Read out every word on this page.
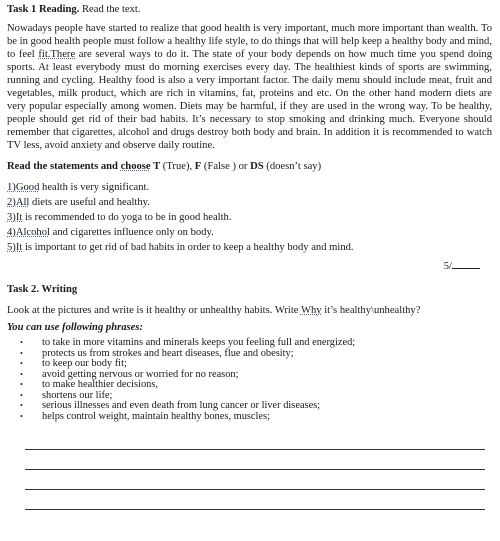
Task 1 Reading. Read the text.

Nowadays people have started to realize that good health is very important, much more important than wealth. To be in good health people must follow a healthy life style, to do things that will help keep a healthy body and mind, to feel fit.There are several ways to do it. The state of your body depends on how much time you spend doing sports. At least everybody must do morning exercises every day. The healthiest kinds of sports are swimming, running and cycling. Healthy food is also a very important factor. The daily menu should include meat, fruit and vegetables, milk product, which are rich in vitamins, fat, proteins and etc. On the other hand modern diets are very popular especially among women. Diets may be harmful, if they are used in the wrong way. To be healthy, people should get rid of their bad habits. It’s necessary to stop smoking and drinking much. Everyone should remember that cigarettes, alcohol and drugs destroy both body and brain. In addition it is recommended to watch TV less, avoid anxiety and observe daily routine.

Read the statements and choose T (True), F (False ) or DS (doesn’t say)
1)Good health is very significant.
2)All diets are useful and healthy.
3)It is recommended to do yoga to be in good health.
4)Alcohol and cigarettes influence only on body.
5)It is important to get rid of bad habits in order to keep a healthy body and mind.
5/
Task 2. Writing
Look at the pictures and write is it healthy or unhealthy habits. Write Why it’s healthy\unhealthy?
You can use following phrases:
• to take in more vitamins and minerals keeps you feeling full and energized;
• protects us from strokes and heart diseases, flue and obesity;
• to keep our body fit;
• avoid getting nervous or worried for no reason;
• to make healthier decisions,
• shortens our life;
• serious illnesses and even death from lung cancer or liver diseases;
• helps control weight, maintain healthy bones, muscles;
